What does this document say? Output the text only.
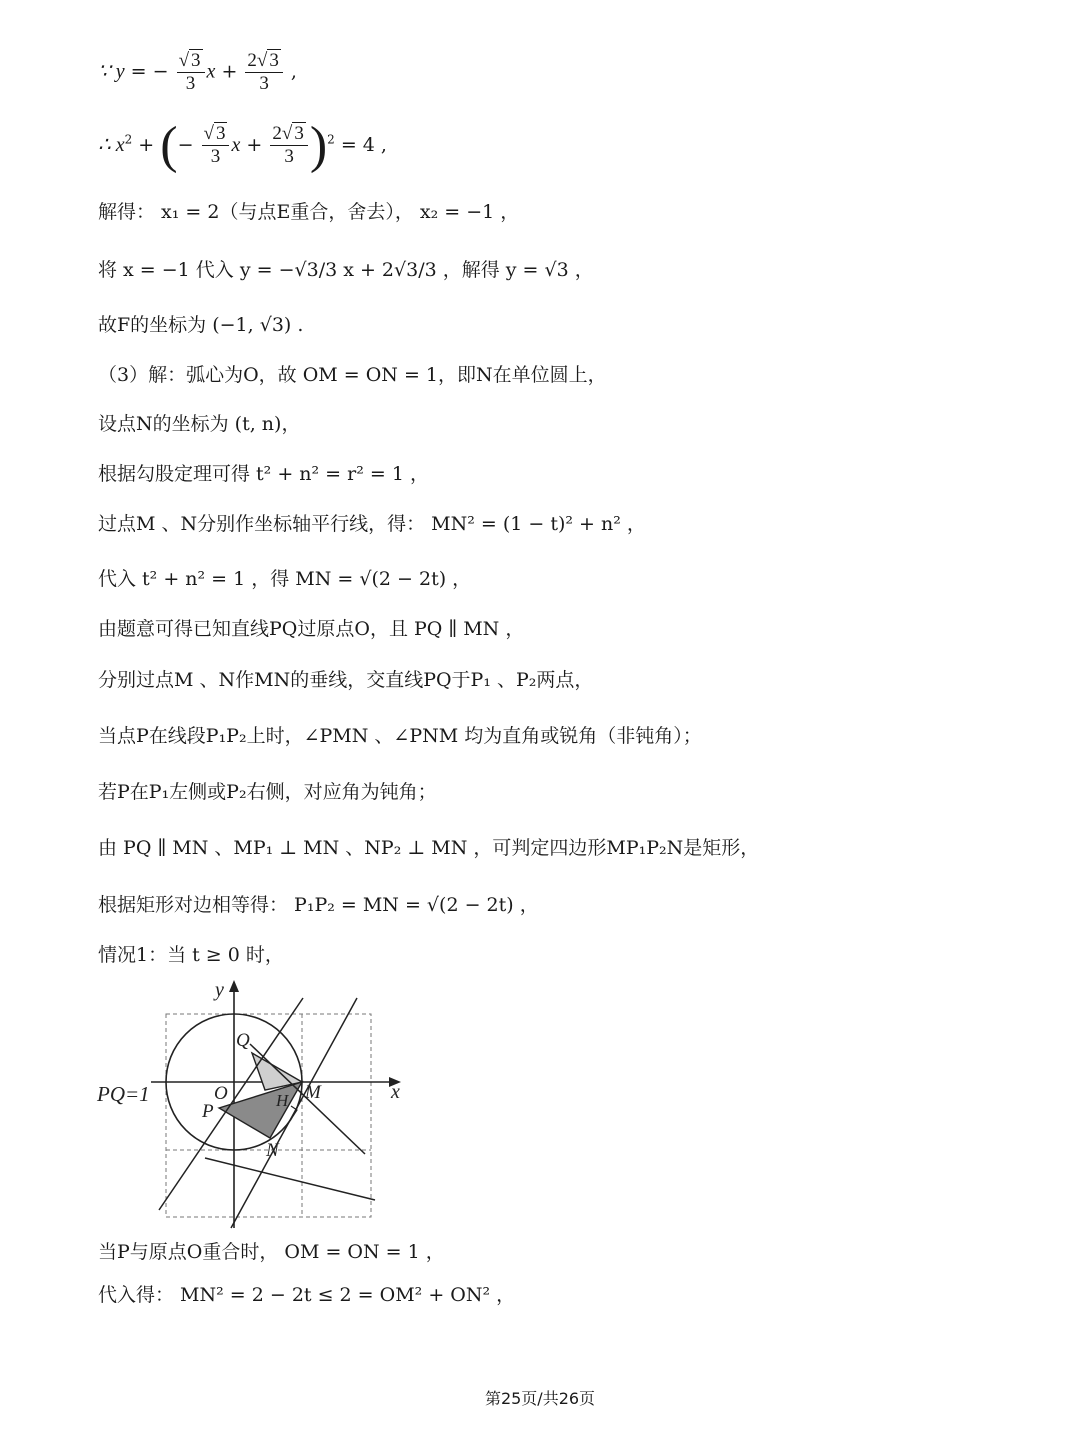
∵ y = − $\frac{√ 3}{3}$ $x + \frac{2√ 3}{3}$ ,
∴ $x^2$ + (− $\frac{√ 3}{3}$ $x + \frac{2√ 3}{3} )^2 = 4$ ,
解得： x₁ = 2（与点E重合，舍去）， x₂ = −1 ，
将 x = −1 代入 y = −√3/3 x + 2√3/3 ，解得 y = √3 ，
故F的坐标为 (−1, √3) .
（3）解：弧心为O，故 OM = ON = 1，即N在单位圆上，
设点N的坐标为 (t, n)，
根据勾股定理可得 t² + n² = r² = 1 ，
过点M 、N分别作坐标轴平行线，得： MN² = (1 − t)² + n² ，
代入 t² + n² = 1 ，得 MN = √(2 − 2t) ，
由题意可得已知直线PQ过原点O，且 PQ ∥ MN ，
分别过点M 、N作MN的垂线，交直线PQ于P₁ 、P₂两点，
当点P在线段P₁P₂上时，∠PMN 、∠PNM 均为直角或锐角（非钝角）；
若P在P₁左侧或P₂右侧，对应角为钝角；
由 PQ ∥ MN 、MP₁ ⊥ MN 、NP₂ ⊥ MN ，可判定四边形MP₁P₂N是矩形，
根据矩形对边相等得： P₁P₂ = MN = √(2 − 2t) ，
情况1：当 t ≥ 0 时，
y
x
Q
O	M
P
H
N
PQ=1
当P与原点O重合时， OM = ON = 1 ，
代入得： MN² = 2 − 2t ≤ 2 = OM² + ON² ，
第25页/共26页
